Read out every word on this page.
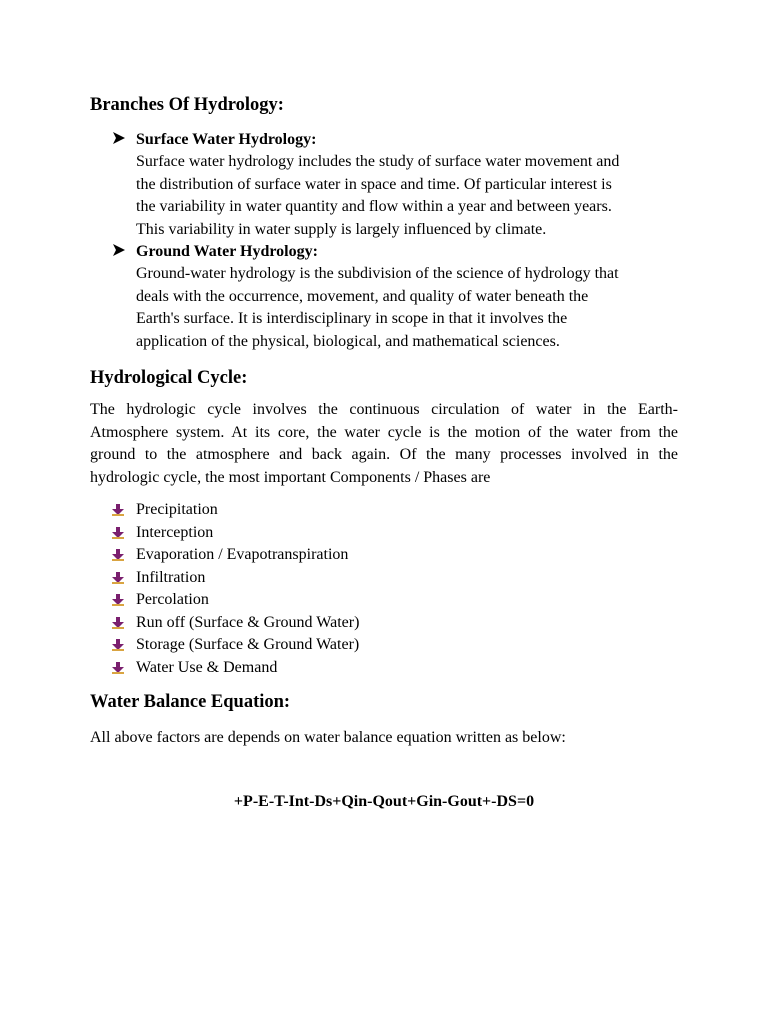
Branches Of Hydrology:
Surface Water Hydrology:
Surface water hydrology includes the study of surface water movement and
the distribution of surface water in space and time. Of particular interest is
the variability in water quantity and flow within a year and between years.
This variability in water supply is largely influenced by climate.
Ground Water Hydrology:
Ground-water hydrology is the subdivision of the science of hydrology that
deals with the occurrence, movement, and quality of water beneath the
Earth's surface. It is interdisciplinary in scope in that it involves the
application of the physical, biological, and mathematical sciences.
Hydrological Cycle:
The hydrologic cycle involves the continuous circulation of water in the Earth-
Atmosphere system. At its core, the water cycle is the motion of the water from the
ground to the atmosphere and back again. Of the many processes involved in the
hydrologic cycle, the most important Components / Phases are
Precipitation
Interception
Evaporation / Evapotranspiration
Infiltration
Percolation
Run off (Surface & Ground Water)
Storage (Surface & Ground Water)
Water Use & Demand
Water Balance Equation:
All above factors are depends on water balance equation written as below:
+P-E-T-Int-Ds+Qin-Qout+Gin-Gout+-DS=0
